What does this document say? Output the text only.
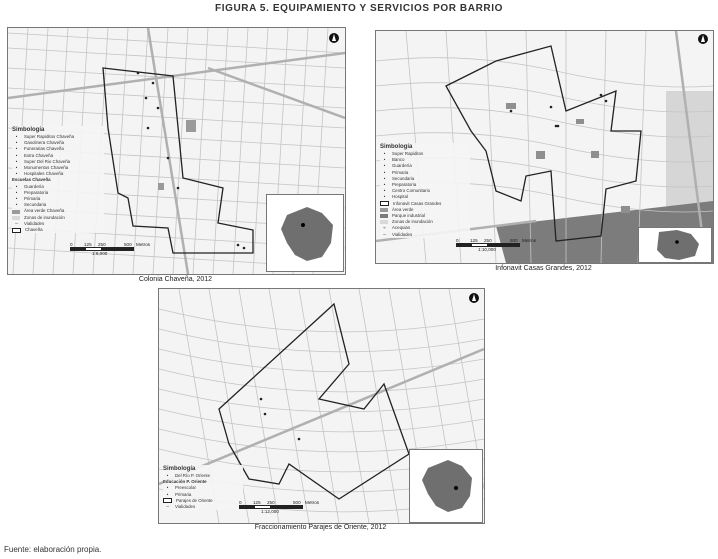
FIGURA 5. EQUIPAMIENTO Y SERVICIOS POR BARRIO
Simbología
•	Super Rapiditos Chaveña
•	Gasolinera Chaveña
•	Funerarias Chaveña
•	Extra Chaveña
•	Super Del Rio Chaveña
•	Monumentos Chaveña
•	Hospitales Chaveña
Escuelas Chaveña
•	Guardería
•	Preparatoria
•	Primaria
•	Secundaria
Área verde Chaveña
Zonas de inundación
─	Vialidades
Chaveña
0	125	250	500 Metros
1:8,000
Colonia Chaveña, 2012
Simbología
•	Super Rapiditos
•	Banco
•	Guardería
•	Primaria
•	Secundaria
•	Preparatoria
•	Centro Comunitario
•	Hospital
Infonavit Casas Grandes
Área verde
Parque industrial
Zonas de inundación
≈	Acequias
─	Vialidades
0	125	250	500 Metros
1:10,000
Infonavit Casas Grandes, 2012
Simbología
•	Del Río P. Oriente
Educación P. Oriente
•	Preescolar
•	Primaria
Parajes de Oriente
─	Vialidades
0	125	250	500 Metros
1:12,000
Fraccionamiento Parajes de Oriente, 2012
Fuente: elaboración propia.
